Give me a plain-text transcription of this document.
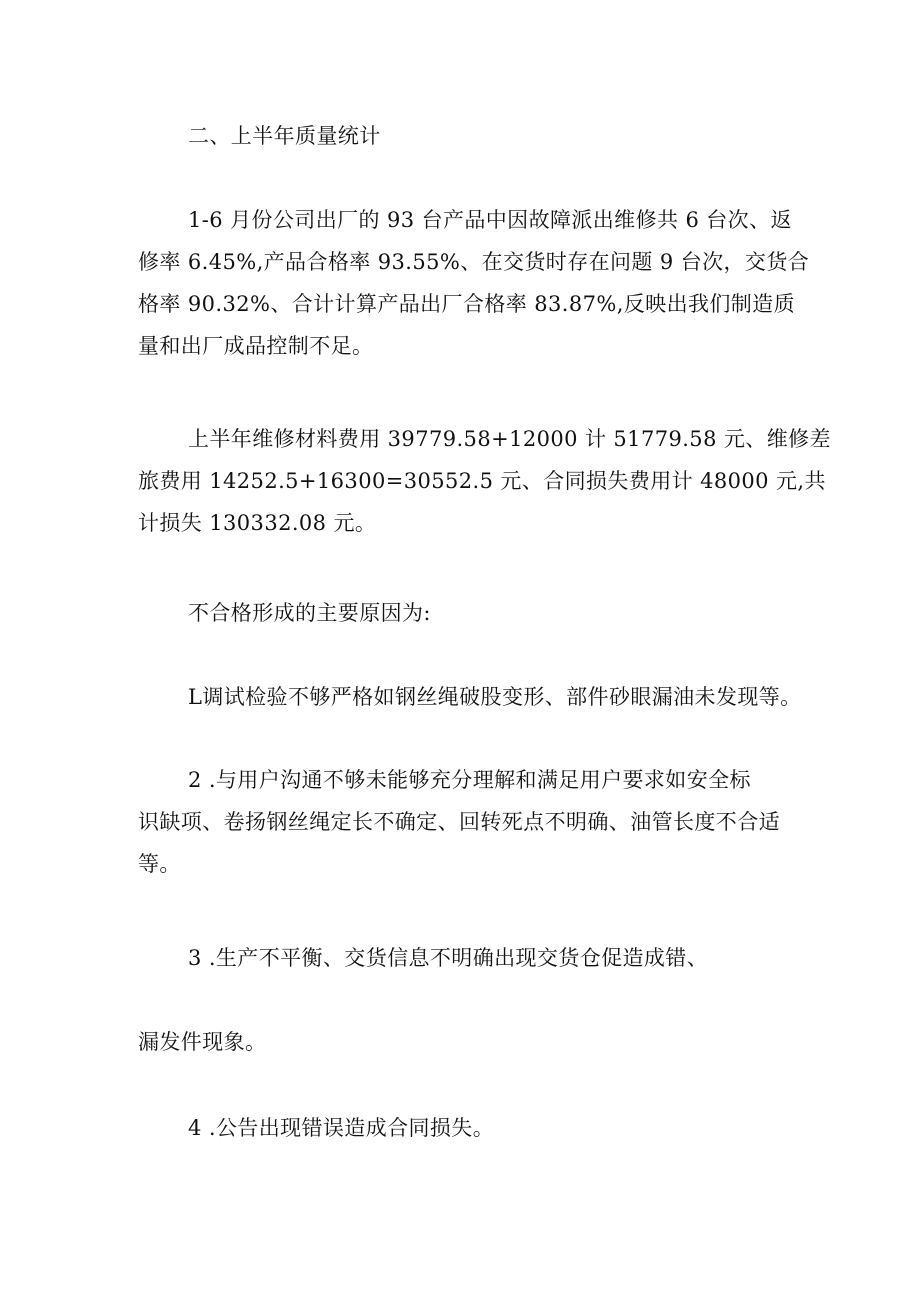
二、上半年质量统计
1-6 月份公司出厂的 93 台产品中因故障派出维修共 6 台次、返
修率 6.45%,产品合格率 93.55%、在交货时存在问题 9 台次，交货合
格率 90.32%、合计计算产品出厂合格率 83.87%,反映出我们制造质
量和出厂成品控制不足。
上半年维修材料费用 39779.58+12000 计 51779.58 元、维修差
旅费用 14252.5+16300=30552.5 元、合同损失费用计 48000 元,共
计损失 130332.08 元。
不合格形成的主要原因为:
L调试检验不够严格如钢丝绳破股变形、部件砂眼漏油未发现等。
2 .与用户沟通不够未能够充分理解和满足用户要求如安全标
识缺项、卷扬钢丝绳定长不确定、回转死点不明确、油管长度不合适
等。
3 .生产不平衡、交货信息不明确出现交货仓促造成错、
漏发件现象。
4 .公告出现错误造成合同损失。
